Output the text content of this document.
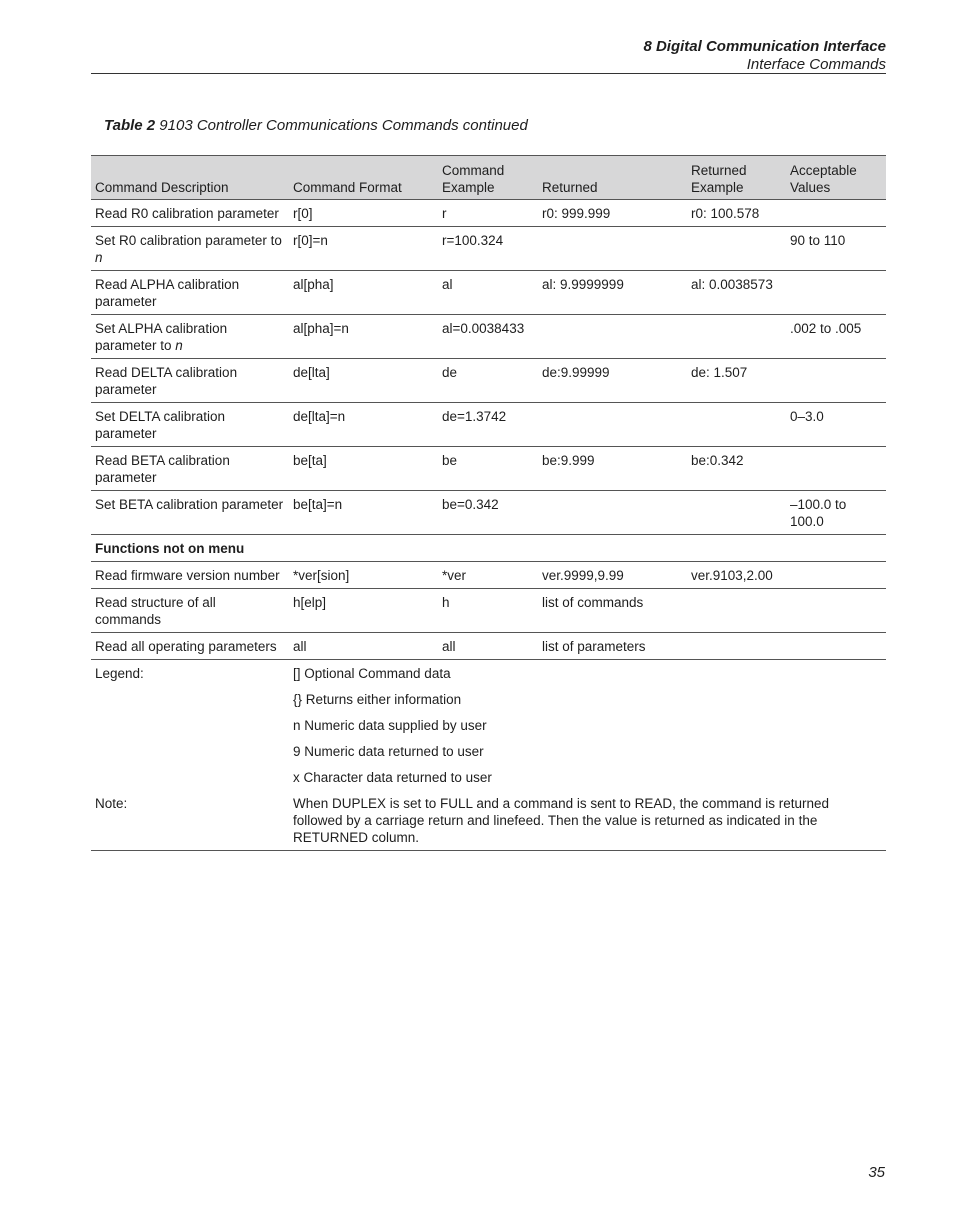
8 Digital Communication Interface
Interface Commands
Table 2 9103 Controller Communications Commands continued
Command Description	Command Format	Command Example	Returned	Returned Example	Acceptable Values
Read R0 calibration parameter	r[0]	r	r0: 999.999	r0: 100.578	
Set R0 calibration parameter to n	r[0]=n	r=100.324			90 to 110
Read ALPHA calibration parameter	al[pha]	al	al: 9.9999999	al: 0.0038573	
Set ALPHA calibration parameter to n	al[pha]=n	al=0.0038433			.002 to .005
Read DELTA calibration parameter	de[lta]	de	de:9.99999	de: 1.507	
Set DELTA calibration parameter	de[lta]=n	de=1.3742			0–3.0
Read BETA calibration parameter	be[ta]	be	be:9.999	be:0.342	
Set BETA calibration parameter	be[ta]=n	be=0.342			–100.0 to 100.0
Functions not on menu					
Read firmware version number	*ver[sion]	*ver	ver.9999,9.99	ver.9103,2.00	
Read structure of all commands	h[elp]	h	list of commands		
Read all operating parameters	all	all	list of parameters		
Legend:	[] Optional Command data				
	{} Returns either information				
	n Numeric data supplied by user				
	9 Numeric data returned to user				
	x Character data returned to user				
Note:	When DUPLEX is set to FULL and a command is sent to READ, the command is returned followed by a carriage return and linefeed. Then the value is returned as indicated in the RETURNED column.				
35
